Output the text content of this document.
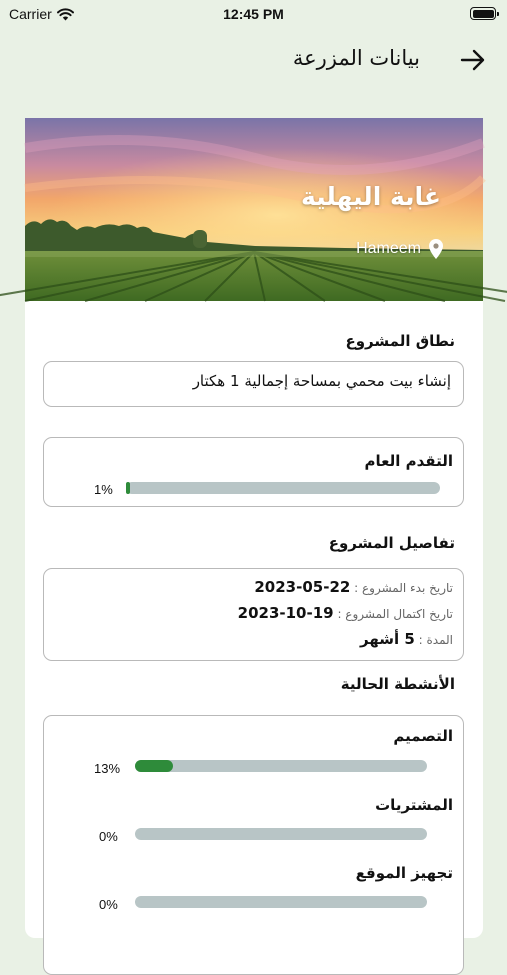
Carrier	12:45 PM
بيانات المزرعة
غابة اليهلية
Hameem
نطاق المشروع
إنشاء بيت محمي بمساحة إجمالية 1 هكتار
التقدم العام
1%
تفاصيل المشروع
تاريخ بدء المشروع : 22-05-2023
تاريخ اكتمال المشروع : 19-10-2023
المدة : 5 أشهر
الأنشطة الحالية
التصميم
13%
المشتريات
0%
تجهيز الموقع
0%
